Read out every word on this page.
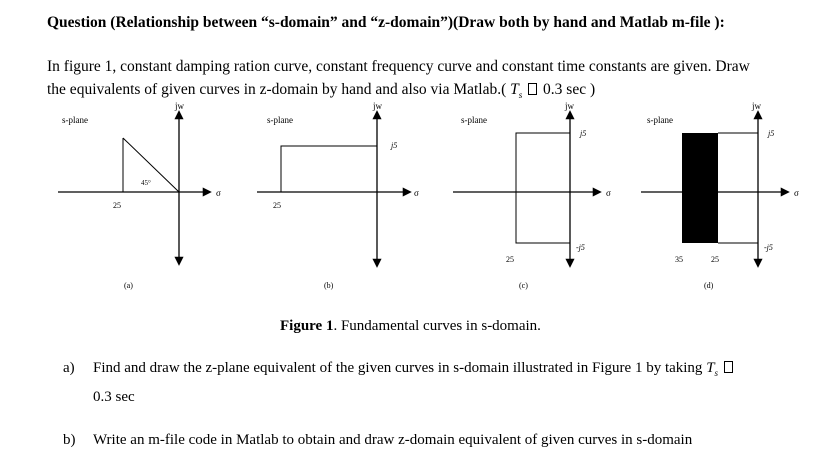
Question (Relationship between “s-domain” and “z-domain”)(Draw both by hand and Matlab m-file ):
In figure 1, constant damping ration curve, constant frequency curve and constant time constants are given. Draw
the equivalents of given curves in z-domain by hand and also via Matlab.( $T_s$ 0.3 sec )
s-plane
jw
σ
45°
25
(a)
s-plane
jw
σ
j5
25
(b)
s-plane
jw
σ
j5
-j5
25
(c)
s-plane
jw
σ
j5
-j5
35	25
(d)
Figure 1. Fundamental curves in s-domain.
a) Find and draw the z-plane equivalent of the given curves in s-domain illustrated in Figure 1 by taking $T_s$
0.3 sec
b) Write an m-file code in Matlab to obtain and draw z-domain equivalent of given curves in s-domain
